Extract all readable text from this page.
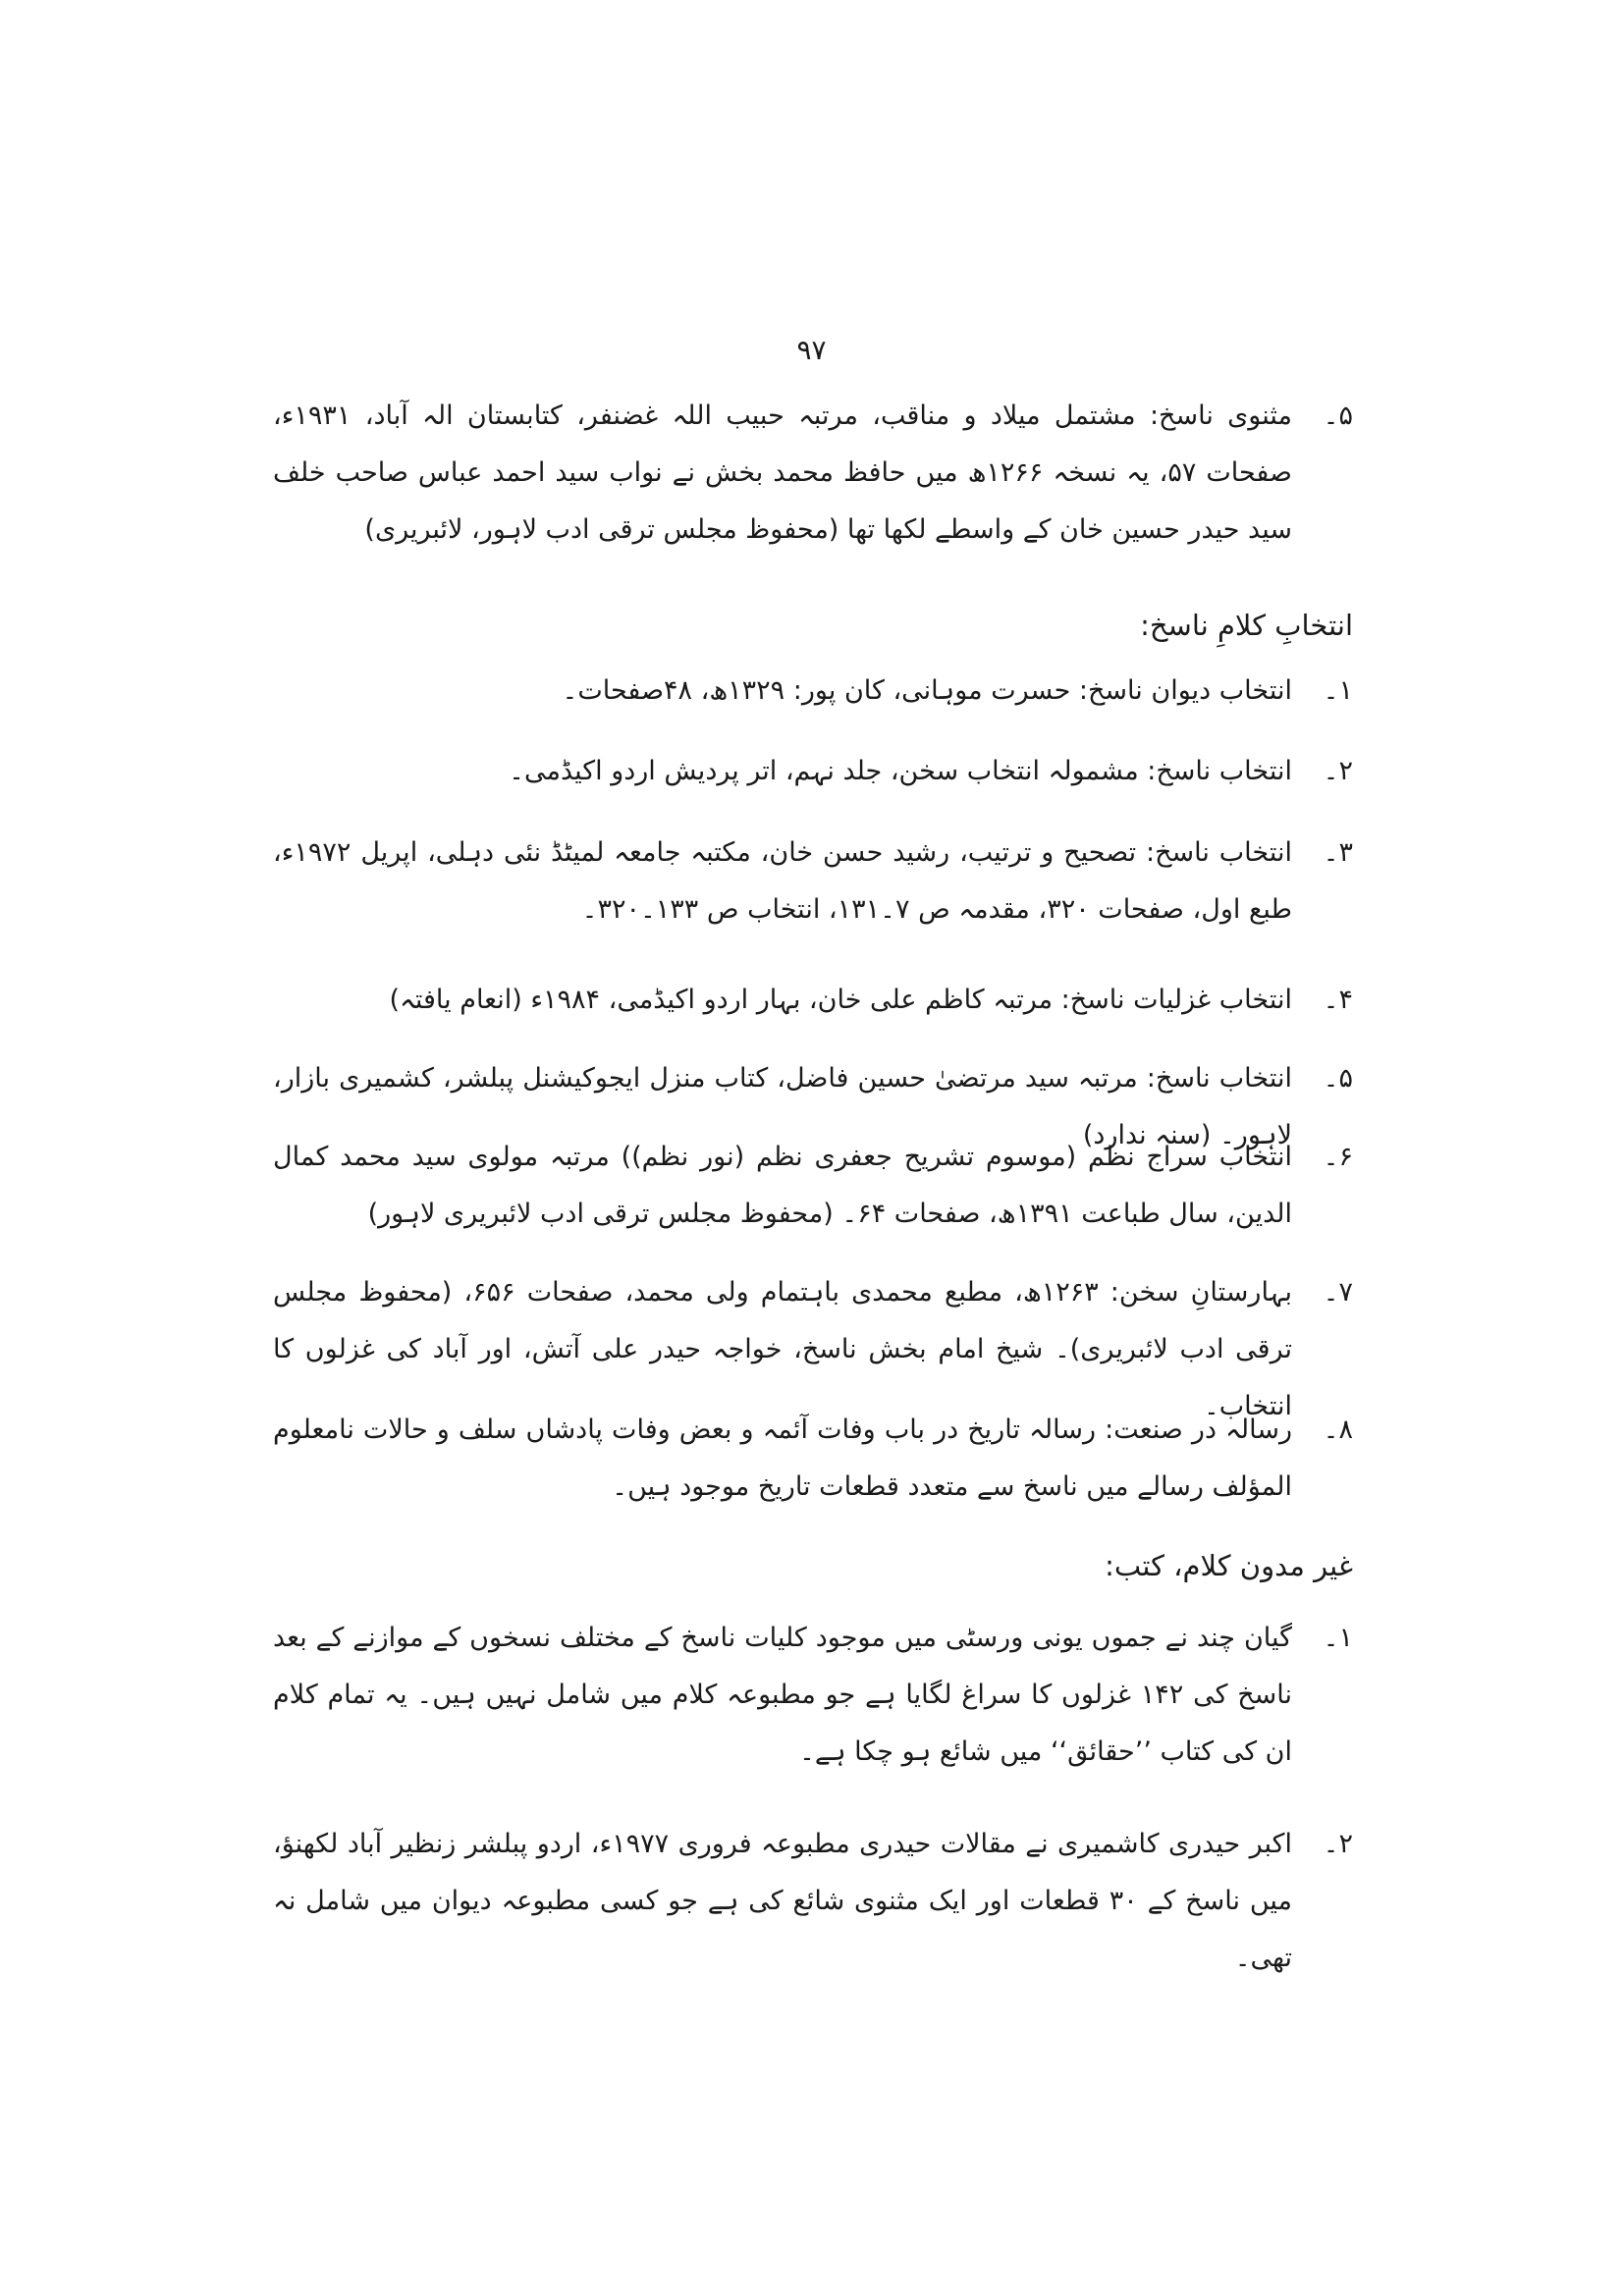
۹۷
۵۔
مثنوی ناسخ: مشتمل میلاد و مناقب، مرتبہ حبیب اللہ غضنفر، کتابستان الہ آباد، ۱۹۳۱ء، صفحات ۵۷، یہ نسخہ ۱۲۶۶ھ میں حافظ محمد بخش نے نواب سید احمد عباس صاحب خلف سید حیدر حسین خان کے واسطے لکھا تھا (محفوظ مجلس ترقی ادب لاہور، لائبریری)
انتخابِ کلامِ ناسخ:
۱۔
انتخاب دیوان ناسخ: حسرت موہانی، کان پور: ۱۳۲۹ھ، ۴۸صفحات۔
۲۔
انتخاب ناسخ: مشمولہ انتخاب سخن، جلد نہم، اتر پردیش اردو اکیڈمی۔
۳۔
انتخاب ناسخ: تصحیح و ترتیب، رشید حسن خان، مکتبہ جامعہ لمیٹڈ نئی دہلی، اپریل ۱۹۷۲ء، طبع اول، صفحات ۳۲۰، مقدمہ ص ۷۔۱۳۱، انتخاب ص ۱۳۳۔۳۲۰۔
۴۔
انتخاب غزلیات ناسخ: مرتبہ کاظم علی خان، بہار اردو اکیڈمی، ۱۹۸۴ء (انعام یافتہ)
۵۔
انتخاب ناسخ: مرتبہ سید مرتضیٰ حسین فاضل، کتاب منزل ایجوکیشنل پبلشر، کشمیری بازار، لاہور۔ (سنہ ندارد)
۶۔
انتخاب سراج نظم (موسوم تشریح جعفری نظم (نور نظم)) مرتبہ مولوی سید محمد کمال الدین، سال طباعت ۱۳۹۱ھ، صفحات ۶۴۔ (محفوظ مجلس ترقی ادب لائبریری لاہور)
۷۔
بہارستانِ سخن: ۱۲۶۳ھ، مطبع محمدی باہتمام ولی محمد، صفحات ۶۵۶، (محفوظ مجلس ترقی ادب لائبریری)۔ شیخ امام بخش ناسخ، خواجہ حیدر علی آتش، اور آباد کی غزلوں کا انتخاب۔
۸۔
رسالہ در صنعت: رسالہ تاریخ در باب وفات آئمہ و بعض وفات پادشاں سلف و حالات نامعلوم المؤلف رسالے میں ناسخ سے متعدد قطعات تاریخ موجود ہیں۔
غیر مدون کلام، کتب:
۱۔
گیان چند نے جموں یونی ورسٹی میں موجود کلیات ناسخ کے مختلف نسخوں کے موازنے کے بعد ناسخ کی ۱۴۲ غزلوں کا سراغ لگایا ہے جو مطبوعہ کلام میں شامل نہیں ہیں۔ یہ تمام کلام ان کی کتاب ’’حقائق‘‘ میں شائع ہو چکا ہے۔
۲۔
اکبر حیدری کاشمیری نے مقالات حیدری مطبوعہ فروری ۱۹۷۷ء، اردو پبلشر زنظیر آباد لکھنؤ، میں ناسخ کے ۳۰ قطعات اور ایک مثنوی شائع کی ہے جو کسی مطبوعہ دیوان میں شامل نہ تھی۔
